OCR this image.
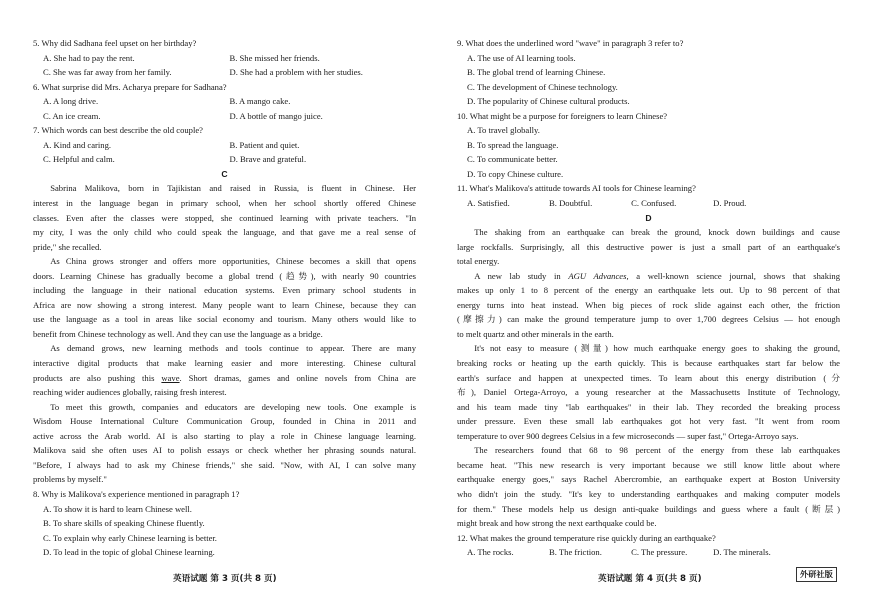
5. Why did Sadhana feel upset on her birthday?
A. She had to pay the rent.	B. She missed her friends.
C. She was far away from her family.	D. She had a problem with her studies.
6. What surprise did Mrs. Acharya prepare for Sadhana?
A. A long drive.	B. A mango cake.
C. An ice cream.	D. A bottle of mango juice.
7. Which words can best describe the old couple?
A. Kind and caring.	B. Patient and quiet.
C. Helpful and calm.	D. Brave and grateful.
C
Sabrina Malikova, born in Tajikistan and raised in Russia, is fluent in Chinese. Her
interest in the language began in primary school, when her school shortly offered Chinese
classes. Even after the classes were stopped, she continued learning with private teachers. "In
my city, I was the only child who could speak the language, and that gave me a real sense of
pride," she recalled.
As China grows stronger and offers more opportunities, Chinese becomes a skill that opens
doors. Learning Chinese has gradually become a global trend (趋势), with nearly 90 countries
including the language in their national education systems. Even primary school students in
Africa are now showing a strong interest. Many people want to learn Chinese, because they can
use the language as a tool in areas like social economy and tourism. Many others would like to
benefit from Chinese technology as well. And they can use the language as a bridge.
As demand grows, new learning methods and tools continue to appear. There are many
interactive digital products that make learning easier and more interesting. Chinese cultural
products are also pushing this wave. Short dramas, games and online novels from China are
reaching wider audiences globally, raising fresh interest.
To meet this growth, companies and educators are developing new tools. One example is
Wisdom House International Culture Communication Group, founded in China in 2011 and
active across the Arab world. AI is also starting to play a role in Chinese language learning.
Malikova said she often uses AI to polish essays or check whether her phrasing sounds natural.
"Before, I always had to ask my Chinese friends," she said. "Now, with AI, I can solve many
problems by myself."
8. Why is Malikova's experience mentioned in paragraph 1?
A. To show it is hard to learn Chinese well.
B. To share skills of speaking Chinese fluently.
C. To explain why early Chinese learning is better.
D. To lead in the topic of global Chinese learning.
9. What does the underlined word "wave" in paragraph 3 refer to?
A. The use of AI learning tools.
B. The global trend of learning Chinese.
C. The development of Chinese technology.
D. The popularity of Chinese cultural products.
10. What might be a purpose for foreigners to learn Chinese?
A. To travel globally.
B. To spread the language.
C. To communicate better.
D. To copy Chinese culture.
11. What's Malikova's attitude towards AI tools for Chinese learning?
A. Satisfied.	B. Doubtful.	C. Confused.	D. Proud.
D
The shaking from an earthquake can break the ground, knock down buildings and cause
large rockfalls. Surprisingly, all this destructive power is just a small part of an earthquake's
total energy.
A new lab study in AGU Advances, a well-known science journal, shows that shaking
makes up only 1 to 8 percent of the energy an earthquake lets out. Up to 98 percent of that
energy turns into heat instead. When big pieces of rock slide against each other, the friction
(摩擦力) can make the ground temperature jump to over 1,700 degrees Celsius — hot enough
to melt quartz and other minerals in the earth.
It's not easy to measure (测量) how much earthquake energy goes to shaking the ground,
breaking rocks or heating up the earth quickly. This is because earthquakes start far below the
earth's surface and happen at unexpected times. To learn about this energy distribution (分
布), Daniel Ortega-Arroyo, a young researcher at the Massachusetts Institute of Technology,
and his team made tiny "lab earthquakes" in their lab. They recorded the breaking process
under pressure. Even these small lab earthquakes got hot very fast. "It went from room
temperature to over 900 degrees Celsius in a few microseconds — super fast," Ortega-Arroyo says.
The researchers found that 68 to 98 percent of the energy from these lab earthquakes
became heat. "This new research is very important because we still know little about where
earthquake energy goes," says Rachel Abercrombie, an earthquake expert at Boston University
who didn't join the study. "It's key to understanding earthquakes and making computer models
for them." These models help us design anti-quake buildings and guess where a fault (断层)
might break and how strong the next earthquake could be.
12. What makes the ground temperature rise quickly during an earthquake?
A. The rocks.	B. The friction.	C. The pressure.	D. The minerals.
英语试题 第 3 页(共 8 页)	英语试题 第 4 页(共 8 页)	外研社版
